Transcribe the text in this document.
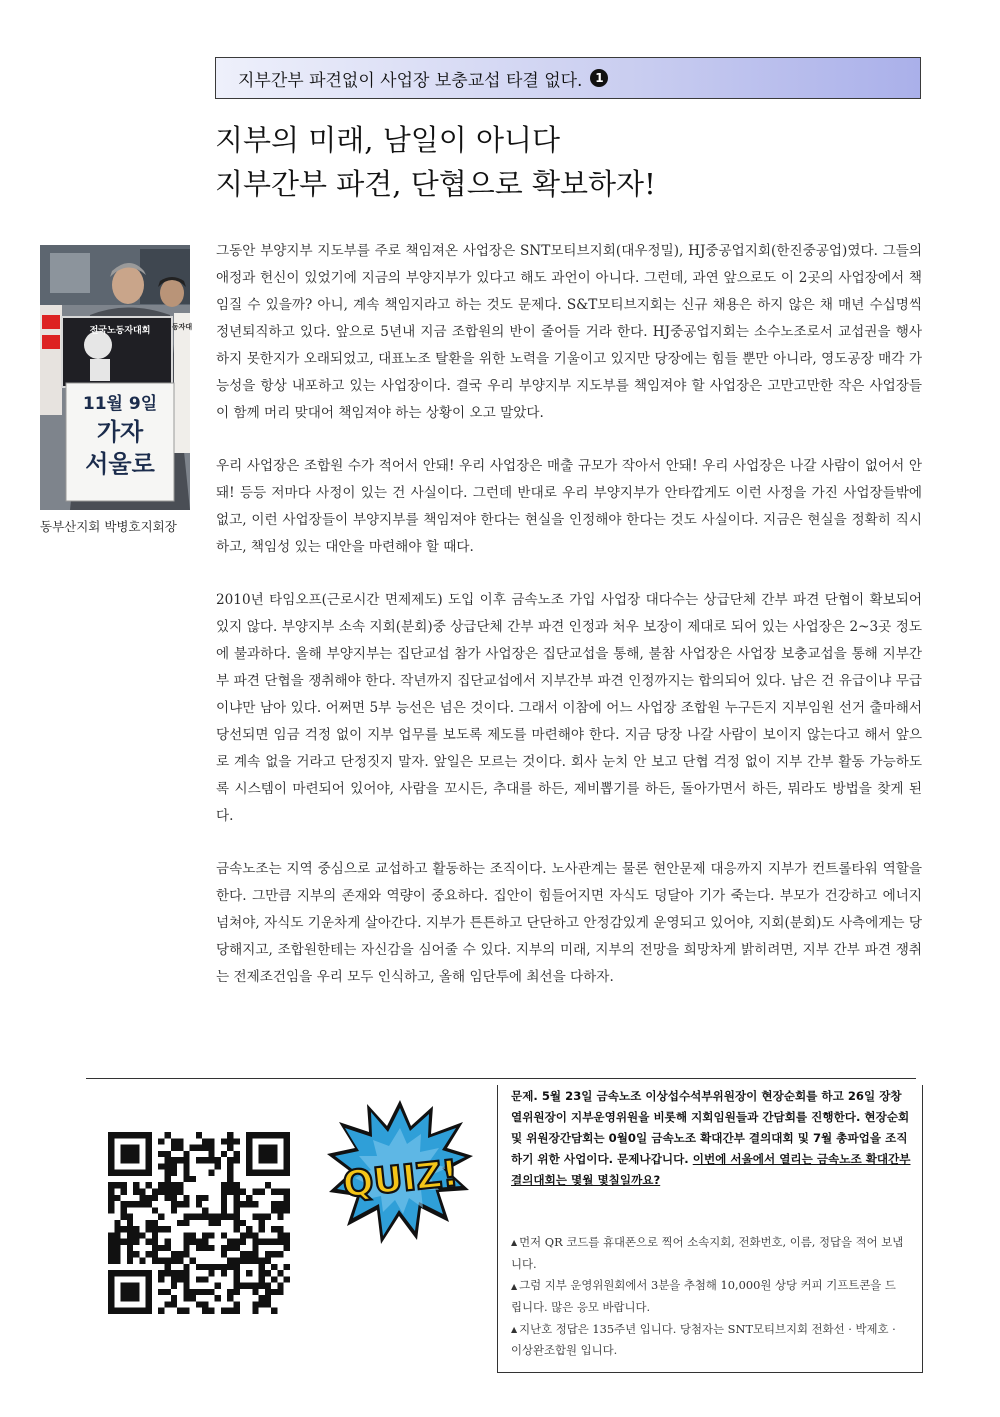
지부간부 파견없이 사업장 보충교섭 타결 없다.	1
지부의 미래, 남일이 아니다
지부간부 파견, 단협으로 확보하자!
11월 9일
가자
서울로
전국노동자대회	동자대
동부산지회 박병호지회장

그동안 부양지부 지도부를 주로 책임져온 사업장은 SNT모티브지회(대우정밀), HJ중공업지회(한진중공업)였다. 그들의 애정과 헌신이 있었기에 지금의 부양지부가 있다고 해도 과언이 아니다. 그런데, 과연 앞으로도 이 2곳의 사업장에서 책임질 수 있을까? 아니, 계속 책임지라고 하는 것도 문제다. S&T모티브지회는 신규 채용은 하지 않은 채 매년 수십명씩 정년퇴직하고 있다. 앞으로 5년내 지금 조합원의 반이 줄어들 거라 한다. HJ중공업지회는 소수노조로서 교섭권을 행사하지 못한지가 오래되었고, 대표노조 탈환을 위한 노력을 기울이고 있지만 당장에는 힘들 뿐만 아니라, 영도공장 매각 가능성을 항상 내포하고 있는 사업장이다. 결국 우리 부양지부 지도부를 책임져야 할 사업장은 고만고만한 작은 사업장들이 함께 머리 맞대어 책임져야 하는 상황이 오고 말았다.

우리 사업장은 조합원 수가 적어서 안돼! 우리 사업장은 매출 규모가 작아서 안돼! 우리 사업장은 나갈 사람이 없어서 안돼! 등등 저마다 사정이 있는 건 사실이다. 그런데 반대로 우리 부양지부가 안타깝게도 이런 사정을 가진 사업장들밖에 없고, 이런 사업장들이 부양지부를 책임져야 한다는 현실을 인정해야 한다는 것도 사실이다. 지금은 현실을 정확히 직시하고, 책임성 있는 대안을 마련해야 할 때다.

2010년 타임오프(근로시간 면제제도) 도입 이후 금속노조 가입 사업장 대다수는 상급단체 간부 파견 단협이 확보되어 있지 않다. 부양지부 소속 지회(분회)중 상급단체 간부 파견 인정과 처우 보장이 제대로 되어 있는 사업장은 2~3곳 정도에 불과하다. 올해 부양지부는 집단교섭 참가 사업장은 집단교섭을 통해, 불참 사업장은 사업장 보충교섭을 통해 지부간부 파견 단협을 쟁취해야 한다. 작년까지 집단교섭에서 지부간부 파견 인정까지는 합의되어 있다. 남은 건 유급이냐 무급이냐만 남아 있다. 어쩌면 5부 능선은 넘은 것이다. 그래서 이참에 어느 사업장 조합원 누구든지 지부임원 선거 출마해서 당선되면 임금 걱정 없이 지부 업무를 보도록 제도를 마련해야 한다. 지금 당장 나갈 사람이 보이지 않는다고 해서 앞으로 계속 없을 거라고 단정짓지 말자. 앞일은 모르는 것이다. 회사 눈치 안 보고 단협 걱정 없이 지부 간부 활동 가능하도록 시스템이 마련되어 있어야, 사람을 꼬시든, 추대를 하든, 제비뽑기를 하든, 돌아가면서 하든, 뭐라도 방법을 찾게 된다.

금속노조는 지역 중심으로 교섭하고 활동하는 조직이다. 노사관계는 물론 현안문제 대응까지 지부가 컨트롤타워 역할을 한다. 그만큼 지부의 존재와 역량이 중요하다. 집안이 힘들어지면 자식도 덩달아 기가 죽는다. 부모가 건강하고 에너지 넘쳐야, 자식도 기운차게 살아간다. 지부가 튼튼하고 단단하고 안정감있게 운영되고 있어야, 지회(분회)도 사측에게는 당당해지고, 조합원한테는 자신감을 심어줄 수 있다. 지부의 미래, 지부의 전망을 희망차게 밝히려면, 지부 간부 파견 쟁취는 전제조건임을 우리 모두 인식하고, 올해 임단투에 최선을 다하자.

QUIZ!
문제. 5월 23일 금속노조 이상섭수석부위원장이 현장순회를 하고 26일 장창열위원장이 지부운영위원을 비롯해 지회임원들과 간담회를 진행한다. 현장순회 및 위원장간담회는 0월0일 금속노조 확대간부 결의대회 및 7월 총파업을 조직하기 위한 사업이다. 문제나갑니다. 이번에 서울에서 열리는 금속노조 확대간부 결의대회는 몇월 몇칠일까요?

▲ 먼저 QR 코드를 휴대폰으로 찍어 소속지회, 전화번호, 이름, 정답을 적어 보냅니다.

▲ 그럼 지부 운영위원회에서 3분을 추첨해 10,000원 상당 커피 기프트콘을 드립니다. 많은 응모 바랍니다.

▲ 지난호 정답은 135주년 입니다. 당첨자는 SNT모티브지회 전화선 · 박제호 · 이상완조합원 입니다.
